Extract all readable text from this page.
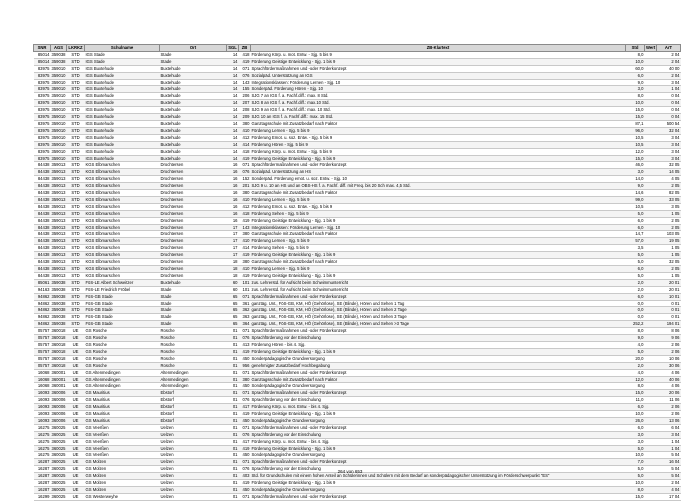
SNR	AGS	LKRKZ	Schulname	Ort	SGL	ZB	ZB-Klartext	Std	Wert	ArT
85014	359038	STD	IGS Stade	Stade	14	418	Förderung Körp. u. mot. Entw. - Sjg. 5 bis 9	8,0	2 04	
85014	359038	STD	IGS Stade	Stade	14	419	Förderung Geistige Entwicklung - Sjg. 1 bis 9	10,0	2 04	
83975	359010	STD	IGS Buxtehude	Buxtehude	14	071	Sprachfördermaßnahmen und -oder Förderkonzept	60,0	40 00	
83975	359010	STD	IGS Buxtehude	Buxtehude	14	076	Sozialpäd. Unterstützung an IGS	6,0	2 04	
83975	359010	STD	IGS Buxtehude	Buxtehude	14	143	Integrationsklassen: Förderung Lernen - Sjg. 10	9,0	3 04	
83975	359010	STD	IGS Buxtehude	Buxtehude	14	155	Sonderpäd. Förderung Hören - Sjg. 10	3,0	1 04	
83975	359010	STD	IGS Buxtehude	Buxtehude	14	206	SJG 7 an IGS f. a. Fachf.diff.: max. 8 Std.	8,0	0 04	
83975	359010	STD	IGS Buxtehude	Buxtehude	14	207	SJG 8 an IGS f. a. Fachf.diff.: max.10 Std.	10,0	0 04	
83975	359010	STD	IGS Buxtehude	Buxtehude	14	208	SJG 9 an IGS f. a. Fachf.diff.: max. 10 Std.	15,0	0 04	
83975	359010	STD	IGS Buxtehude	Buxtehude	14	209	SJG 10 an IGS f. a. Fachf.diff.: max. 15 Std.	15,0	0 04	
83975	359010	STD	IGS Buxtehude	Buxtehude	14	380	Ganztagsschule mit Zusatzbedarf nach Faktor	87,1	500 54	
83975	359010	STD	IGS Buxtehude	Buxtehude	14	410	Förderung Lernen - Sjg. 5 bis 9	96,0	32 04	
83975	359010	STD	IGS Buxtehude	Buxtehude	14	412	Förderung Emot. u. soz. Entw. - Sjg. 5 bis 9	10,5	3 04	
83975	359010	STD	IGS Buxtehude	Buxtehude	14	414	Förderung Hören - Sjg. 5 bis 9	10,5	3 04	
83975	359010	STD	IGS Buxtehude	Buxtehude	14	418	Förderung Körp. u. mot. Entw. - Sjg. 5 bis 9	12,0	3 04	
83975	359010	STD	IGS Buxtehude	Buxtehude	14	419	Förderung Geistige Entwicklung - Sjg. 5 bis 9	15,0	3 04	
84438	359013	STD	KGS Elbmarschen	Drochtersen	16	071	Sprachfördermaßnahmen und -oder Förderkonzept	46,0	32 05	
84438	359013	STD	KGS Elbmarschen	Drochtersen	16	076	Sozialpäd. Unterstützung an HS	3,0	14 05	
84438	359013	STD	KGS Elbmarschen	Drochtersen	16	152	Sonderpäd. Förderung emot. u. soz. Entw. - Sjg. 10	14,0	4 05	
84438	359013	STD	KGS Elbmarschen	Drochtersen	16	201	SJG 9 u. 10 an HS und an OBS-HS f. a. Fachf. diff. mit Freq. bis 20 Sch max. 4,5 Std.	9,0	2 05	
84438	359013	STD	KGS Elbmarschen	Drochtersen	16	380	Ganztagsschule mit Zusatzbedarf nach Faktor	14,6	82 05	
84438	359013	STD	KGS Elbmarschen	Drochtersen	16	410	Förderung Lernen - Sjg. 5 bis 9	99,0	33 05	
84438	359013	STD	KGS Elbmarschen	Drochtersen	16	412	Förderung Emot. u. soz. Entw. - Sjg. 5 bis 9	10,5	3 05	
84438	359013	STD	KGS Elbmarschen	Drochtersen	16	418	Förderung Sehen - Sjg. 5 bis 9	5,0	1 05	
84438	359013	STD	KGS Elbmarschen	Drochtersen	16	419	Förderung Geistige Entwicklung - Sjg. 1 bis 9	6,0	2 05	
84438	359013	STD	KGS Elbmarschen	Drochtersen	17	143	Integrationsklassen: Förderung Lernen - Sjg. 10	6,0	2 05	
84438	359013	STD	KGS Elbmarschen	Drochtersen	17	380	Ganztagsschule mit Zusatzbedarf nach Faktor	14,7	103 05	
84438	359013	STD	KGS Elbmarschen	Drochtersen	17	410	Förderung Lernen - Sjg. 5 bis 9	57,0	19 05	
84438	359013	STD	KGS Elbmarschen	Drochtersen	17	414	Förderung Sehen - Sjg. 5 bis 9	3,5	1 05	
84438	359013	STD	KGS Elbmarschen	Drochtersen	17	419	Förderung Geistige Entwicklung - Sjg. 1 bis 9	5,0	1 05	
84438	359013	STD	KGS Elbmarschen	Drochtersen	18	380	Ganztagsschule mit Zusatzbedarf nach Faktor	5,0	32 05	
84438	359013	STD	KGS Elbmarschen	Drochtersen	18	410	Förderung Lernen - Sjg. 5 bis 9	6,0	2 05	
84438	359013	STD	KGS Elbmarschen	Drochtersen	18	419	Förderung Geistige Entwicklung - Sjg. 1 bis 9	5,0	1 05	
85061	359038	STD	FöS-LE Albert Schweitzer	Buxtehude	60	101	zus. Lehrerstd. für Aufsicht beim Schwimmunterricht	2,0	20 01	
94163	359038	STD	FöS-LE Friedrich Fröbel	Stade	60	101	zus. Lehrerstd. für Aufsicht beim Schwimmunterricht	2,0	20 01	
94862	359038	STD	FöS-GB Stade	Stade	65	071	Sprachfördermaßnahmen und -oder Förderkonzept	6,0	10 01	
94862	359038	STD	FöS-GB Stade	Stade	65	361	ganztäg. Unt., FöS-GB, KM, HÖ (Gehörlose), SE (Blinde), Hören und Sehen 1 Tag	0,0	0 01	
94862	359038	STD	FöS-GB Stade	Stade	65	362	ganztäg. Unt., FöS-GB, KM, HÖ (Gehörlose), SE (Blinde), Hören und Sehen 2 Tage	0,0	0 01	
94862	359038	STD	FöS-GB Stade	Stade	65	363	ganztäg. Unt., FöS-GB, KM, HÖ (Gehörlose), SE (Blinde), Hören und Sehen 3 Tage	0,0	0 01	
94862	359038	STD	FöS-GB Stade	Stade	65	364	ganztäg. Unt., FöS-GB, KM, HÖ (Gehörlose), SE (Blinde), Hören und Sehen >3 Tage	252,2	194 01	
05757	360018	UE	GS Rosche	Rosche	01	071	Sprachfördermaßnahmen und -oder Förderkonzept	8,0	8 06	
05757	360018	UE	GS Rosche	Rosche	01	076	Sprachförderung vor der Einschulung	9,0	9 06	
05757	360018	UE	GS Rosche	Rosche	01	413	Förderung Hören - bis 4. Sjg.	4,0	2 06	
05757	360018	UE	GS Rosche	Rosche	01	419	Förderung Geistige Entwicklung - Sjg. 1 bis 9	5,0	2 06	
05757	360018	UE	GS Rosche	Rosche	01	450	Sonderpädagogische Grundversorgung	20,0	10 06	
05757	360018	UE	GS Rosche	Rosche	01	956	genehmigter Zusatzbedarf Hochbegabung	2,0	30 06	
16068	360001	UE	GS Altenmedingen	Altenmedingen	01	071	Sprachfördermaßnahmen und -oder Förderkonzept	4,0	4 06	
16068	360001	UE	GS Altenmedingen	Altenmedingen	01	380	Ganztagsschule mit Zusatzbedarf nach Faktor	12,0	40 06	
16068	360001	UE	GS Altenmedingen	Altenmedingen	01	450	Sonderpädagogische Grundversorgung	8,0	4 06	
16093	360006	UE	GS Mauritius	Ebstorf	01	071	Sprachfördermaßnahmen und -oder Förderkonzept	15,0	20 06	
16093	360006	UE	GS Mauritius	Ebstorf	01	076	Sprachförderung vor der Einschulung	11,0	11 06	
16093	360006	UE	GS Mauritius	Ebstorf	01	417	Förderung Körp. u. mot. Entw. - bis 4. Sjg.	6,0	2 06	
16093	360006	UE	GS Mauritius	Ebstorf	01	419	Förderung Geistige Entwicklung - Sjg. 1 bis 9	10,0	2 06	
16093	360006	UE	GS Mauritius	Ebstorf	01	450	Sonderpädagogische Grundversorgung	26,0	13 06	
16275	360025	UE	GS Veerßen	Uelzen	01	071	Sprachfördermaßnahmen und -oder Förderkonzept	6,0	6 04	
16275	360025	UE	GS Veerßen	Uelzen	01	076	Sprachförderung vor der Einschulung	3,0	3 04	
16275	360025	UE	GS Veerßen	Uelzen	01	417	Förderung Körp. u. mot. Entw. - bis 4. Sjg.	3,0	1 04	
16275	360025	UE	GS Veerßen	Uelzen	01	419	Förderung Geistige Entwicklung - Sjg. 1 bis 9	5,0	1 04	
16275	360025	UE	GS Veerßen	Uelzen	01	450	Sonderpädagogische Grundversorgung	10,0	5 04	
16287	360025	UE	GS Molzen	Uelzen	01	071	Sprachfördermaßnahmen und -oder Förderkonzept	7,0	16 04	
16287	360025	UE	GS Molzen	Uelzen	01	076	Sprachförderung vor der Einschulung	5,0	5 04	
16287	360025	UE	GS Molzen	Uelzen	01	403	Std. für Grundschulen mit einem hohen Anteil an Schülerinnen und Schülern mit dem Bedarf an sonderpädagogischer Unterstützung im Förderschwerpunkt "ES"	5,0	5 04	
16287	360025	UE	GS Molzen	Uelzen	01	419	Förderung Geistige Entwicklung - Sjg. 1 bis 9	10,0	2 04	
16287	360025	UE	GS Molzen	Uelzen	01	450	Sonderpädagogische Grundversorgung	8,0	4 04	
16299	360025	UE	GS Westerweyhe	Uelzen	01	071	Sprachfördermaßnahmen und -oder Förderkonzept	15,0	17 04	
264 von 653
